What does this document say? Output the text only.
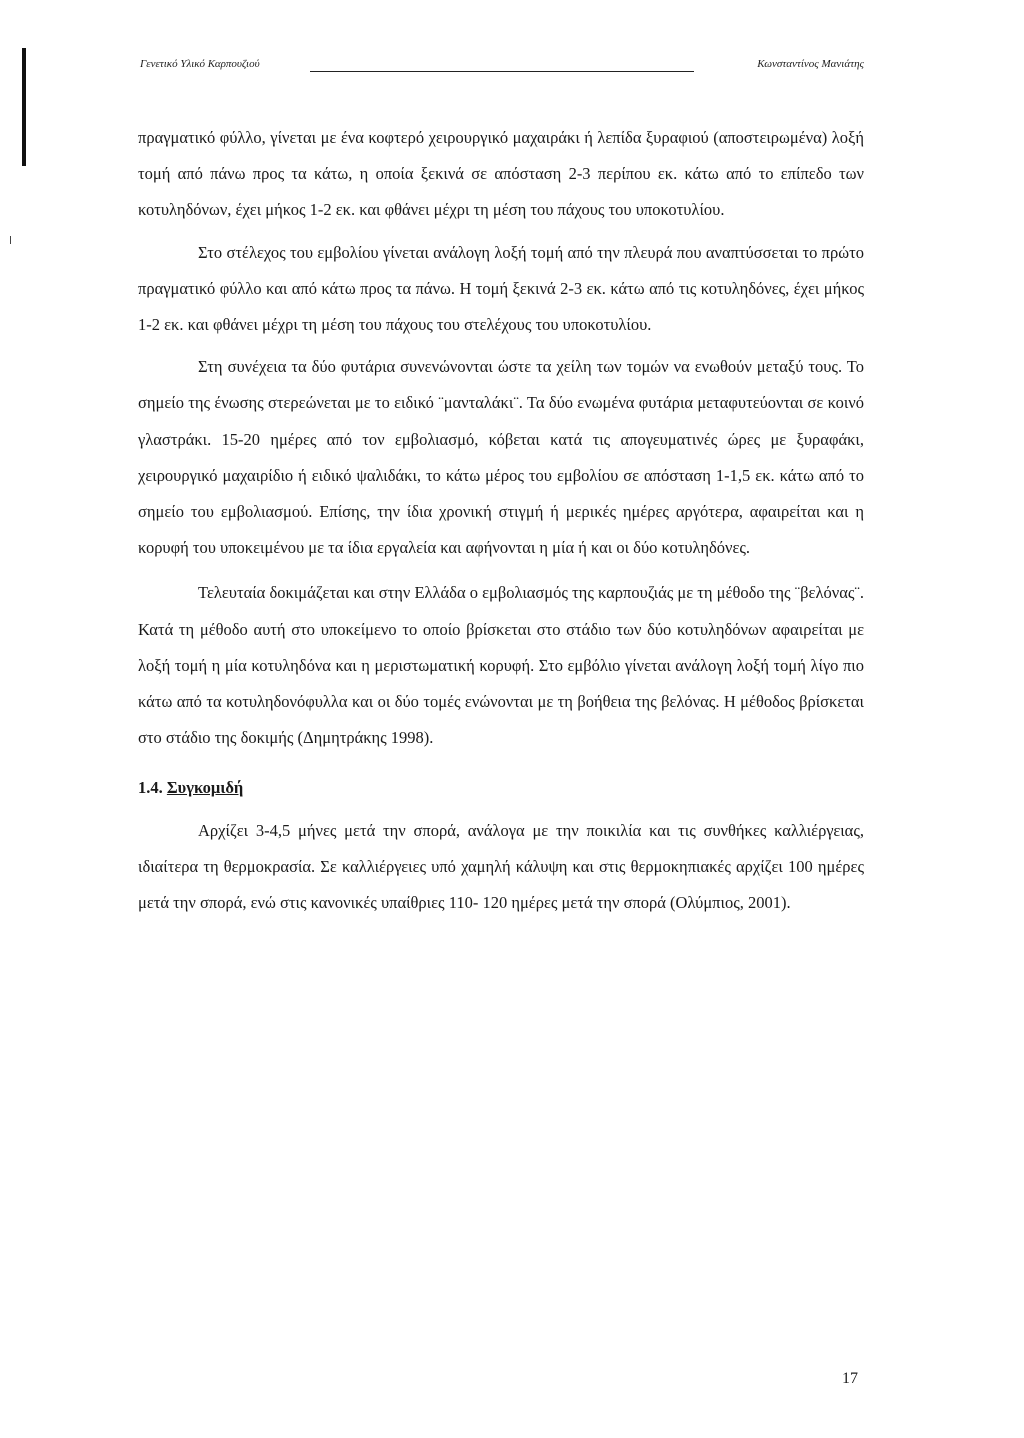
Γενετικό Υλικό Καρπουζιού	Κωνσταντίνος Μανιάτης

πραγματικό φύλλο, γίνεται με ένα κοφτερό χειρουργικό μαχαιράκι ή λεπίδα ξυραφιού (αποστειρωμένα) λοξή τομή από πάνω προς τα κάτω, η οποία ξεκινά σε απόσταση 2-3 περίπου εκ. κάτω από το επίπεδο των κοτυληδόνων, έχει μήκος 1-2 εκ. και φθάνει μέχρι τη μέση του πάχους του υποκοτυλίου.

Στο στέλεχος του εμβολίου γίνεται ανάλογη λοξή τομή από την πλευρά που αναπτύσσεται το πρώτο πραγματικό φύλλο και από κάτω προς τα πάνω. Η τομή ξεκινά 2-3 εκ. κάτω από τις κοτυληδόνες, έχει μήκος 1-2 εκ. και φθάνει μέχρι τη μέση του πάχους του στελέχους του υποκοτυλίου.

Στη συνέχεια τα δύο φυτάρια συνενώνονται ώστε τα χείλη των τομών να ενωθούν μεταξύ τους. Το σημείο της ένωσης στερεώνεται με το ειδικό ¨μανταλάκι¨. Τα δύο ενωμένα φυτάρια μεταφυτεύονται σε κοινό γλαστράκι. 15-20 ημέρες από τον εμβολιασμό, κόβεται κατά τις απογευματινές ώρες με ξυραφάκι, χειρουργικό μαχαιρίδιο ή ειδικό ψαλιδάκι, το κάτω μέρος του εμβολίου σε απόσταση 1-1,5 εκ. κάτω από το σημείο του εμβολιασμού. Επίσης, την ίδια χρονική στιγμή ή μερικές ημέρες αργότερα, αφαιρείται και η κορυφή του υποκειμένου με τα ίδια εργαλεία και αφήνονται η μία ή και οι δύο κοτυληδόνες.

Τελευταία δοκιμάζεται και στην Ελλάδα ο εμβολιασμός της καρπουζιάς με τη μέθοδο της ¨βελόνας¨. Κατά τη μέθοδο αυτή στο υποκείμενο το οποίο βρίσκεται στο στάδιο των δύο κοτυληδόνων αφαιρείται με λοξή τομή η μία κοτυληδόνα και η μεριστωματική κορυφή. Στο εμβόλιο γίνεται ανάλογη λοξή τομή λίγο πιο κάτω από τα κοτυληδονόφυλλα και οι δύο τομές ενώνονται με τη βοήθεια της βελόνας. Η μέθοδος βρίσκεται στο στάδιο της δοκιμής (Δημητράκης 1998).

1.4. Συγκομιδή

Αρχίζει 3-4,5 μήνες μετά την σπορά, ανάλογα με την ποικιλία και τις συνθήκες καλλιέργειας, ιδιαίτερα τη θερμοκρασία. Σε καλλιέργειες υπό χαμηλή κάλυψη και στις θερμοκηπιακές αρχίζει 100 ημέρες μετά την σπορά, ενώ στις κανονικές υπαίθριες 110- 120 ημέρες μετά την σπορά (Ολύμπιος, 2001).

17
